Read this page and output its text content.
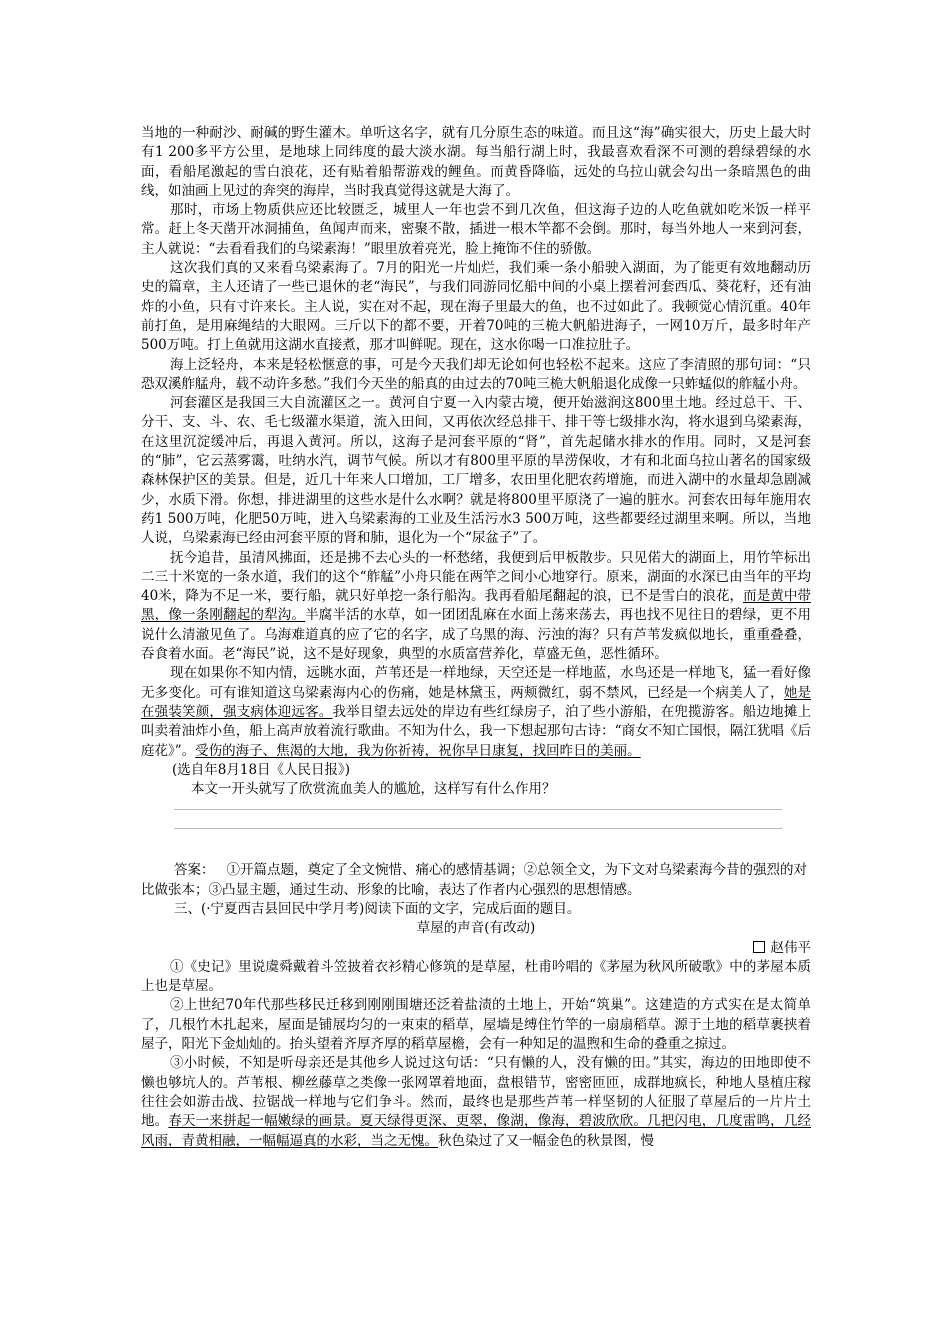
当地的一种耐沙、耐碱的野生灌木。单听这名字，就有几分原生态的味道。而且这“海”确实很大，历史上最大时有1 200多平方公里，是地球上同纬度的最大淡水湖。每当船行湖上时，我最喜欢看深不可测的碧绿碧绿的水面，看船尾激起的雪白浪花，还有贴着船帮游戏的鲤鱼。而黄昏降临，远处的乌拉山就会勾出一条暗黑色的曲线，如油画上见过的奔突的海岸，当时我真觉得这就是大海了。

那时，市场上物质供应还比较匮乏，城里人一年也尝不到几次鱼，但这海子边的人吃鱼就如吃米饭一样平常。赶上冬天凿开冰洞捕鱼，鱼闻声而来，密聚不散，插进一根木竿都不会倒。那时，每当外地人一来到河套，主人就说：“去看看我们的乌梁素海！”眼里放着亮光，脸上掩饰不住的骄傲。

这次我们真的又来看乌梁素海了。7月的阳光一片灿烂，我们乘一条小船驶入湖面，为了能更有效地翻动历史的篇章，主人还请了一些已退休的老“海民”，与我们同游同忆船中间的小桌上摆着河套西瓜、葵花籽，还有油炸的小鱼，只有寸许来长。主人说，实在对不起，现在海子里最大的鱼，也不过如此了。我顿觉心情沉重。40年前打鱼，是用麻绳结的大眼网。三斤以下的都不要，开着70吨的三桅大帆船进海子，一网10万斤，最多时年产500万吨。打上鱼就用这湖水直接煮，那才叫鲜呢。现在，这水你喝一口准拉肚子。

海上泛轻舟，本来是轻松惬意的事，可是今天我们却无论如何也轻松不起来。这应了李清照的那句词：“只恐双溪舴艋舟，载不动许多愁。”我们今天坐的船真的由过去的70吨三桅大帆船退化成像一只蚱蜢似的舴艋小舟。

河套灌区是我国三大自流灌区之一。黄河自宁夏一入内蒙古境，便开始滋润这800里土地。经过总干、干、分干、支、斗、农、毛七级灌水渠道，流入田间，又再依次经总排干、排干等七级排水沟，将水退到乌梁素海，在这里沉淀缓冲后，再退入黄河。所以，这海子是河套平原的“肾”，首先起储水排水的作用。同时，又是河套的“肺”，它云蒸雾霭，吐纳水汽，调节气候。所以才有800里平原的旱涝保收，才有和北面乌拉山著名的国家级森林保护区的美景。但是，近几十年来人口增加，工厂增多，农田里化肥农药增施，而进入湖中的水量却急剧减少，水质下滑。你想，排进湖里的这些水是什么水啊？就是将800里平原浇了一遍的脏水。河套农田每年施用农药1 500万吨，化肥50万吨，进入乌梁素海的工业及生活污水3 500万吨，这些都要经过湖里来啊。所以，当地人说，乌梁素海已经由河套平原的肾和肺，退化为一个“尿盆子”了。

抚今追昔，虽清风拂面，还是拂不去心头的一杯愁绪，我便到后甲板散步。只见偌大的湖面上，用竹竿标出二三十米宽的一条水道，我们的这个“舴艋”小舟只能在两竿之间小心地穿行。原来，湖面的水深已由当年的平均40米，降为不足一米，要行船，就只好单挖一条行船沟。我再看船尾翻起的浪，已不是雪白的浪花，而是黄中带黑，像一条刚翻起的犁沟。半腐半活的水草，如一团团乱麻在水面上荡来荡去，再也找不见往日的碧绿，更不用说什么清澈见鱼了。乌海难道真的应了它的名字，成了乌黑的海、污浊的海？只有芦苇发疯似地长，重重叠叠，吞食着水面。老“海民”说，这不是好现象，典型的水质富营养化，草盛无鱼，恶性循环。

现在如果你不知内情，远眺水面，芦苇还是一样地绿，天空还是一样地蓝，水鸟还是一样地飞，猛一看好像无多变化。可有谁知道这乌梁素海内心的伤痛，她是林黛玉，两颊微红，弱不禁风，已经是一个病美人了，她是在强装笑颜，强支病体迎远客。我举目望去远处的岸边有些红绿房子，泊了些小游船，在兜揽游客。船边地摊上叫卖着油炸小鱼，船上高声放着流行歌曲。不知为什么，我一下想起那句古诗：“商女不知亡国恨，隔江犹唱《后庭花》”。受伤的海子、焦渴的大地，我为你祈祷，祝你早日康复，找回昨日的美丽。

(选自年8月18日《人民日报》)

本文一开头就写了欣赏流血美人的尴尬，这样写有什么作用？

答案： ①开篇点题，奠定了全文惋惜、痛心的感情基调；②总领全文，为下文对乌梁素海今昔的强烈的对比做张本；③凸显主题，通过生动、形象的比喻，表达了作者内心强烈的思想情感。

三、(·宁夏西吉县回民中学月考)阅读下面的文字，完成后面的题目。

草屋的声音(有改动)

赵伟平

①《史记》里说虞舜戴着斗笠披着衣衫精心修筑的是草屋，杜甫吟唱的《茅屋为秋风所破歌》中的茅屋本质上也是草屋。

②上世纪70年代那些移民迁移到刚刚围塘还泛着盐渍的土地上，开始“筑巢”。这建造的方式实在是太简单了，几根竹木扎起来，屋面是铺展均匀的一束束的稻草，屋墙是缚住竹竿的一扇扇稻草。源于土地的稻草裹挟着屋子，阳光下金灿灿的。抬头望着齐厚齐厚的稻草屋檐，会有一种知足的温煦和生命的叠重之掠过。

③小时候，不知是听母亲还是其他乡人说过这句话：“只有懒的人，没有懒的田。”其实，海边的田地即使不懒也够坑人的。芦苇根、柳丝藤草之类像一张网罩着地面，盘根错节，密密匝匝，成群地疯长，种地人垦植庄稼往往会如游击战、拉锯战一样地与它们争斗。然而，最终也是那些芦苇一样坚韧的人征服了草屋后的一片片土地。春天一来拼起一幅嫩绿的画景。夏天绿得更深、更翠，像湖，像海，碧波欣欣。几把闪电，几度雷鸣，几经风雨，青黄相融，一幅幅逼真的水彩，当之无愧。秋色染过了又一幅金色的秋景图，慢
